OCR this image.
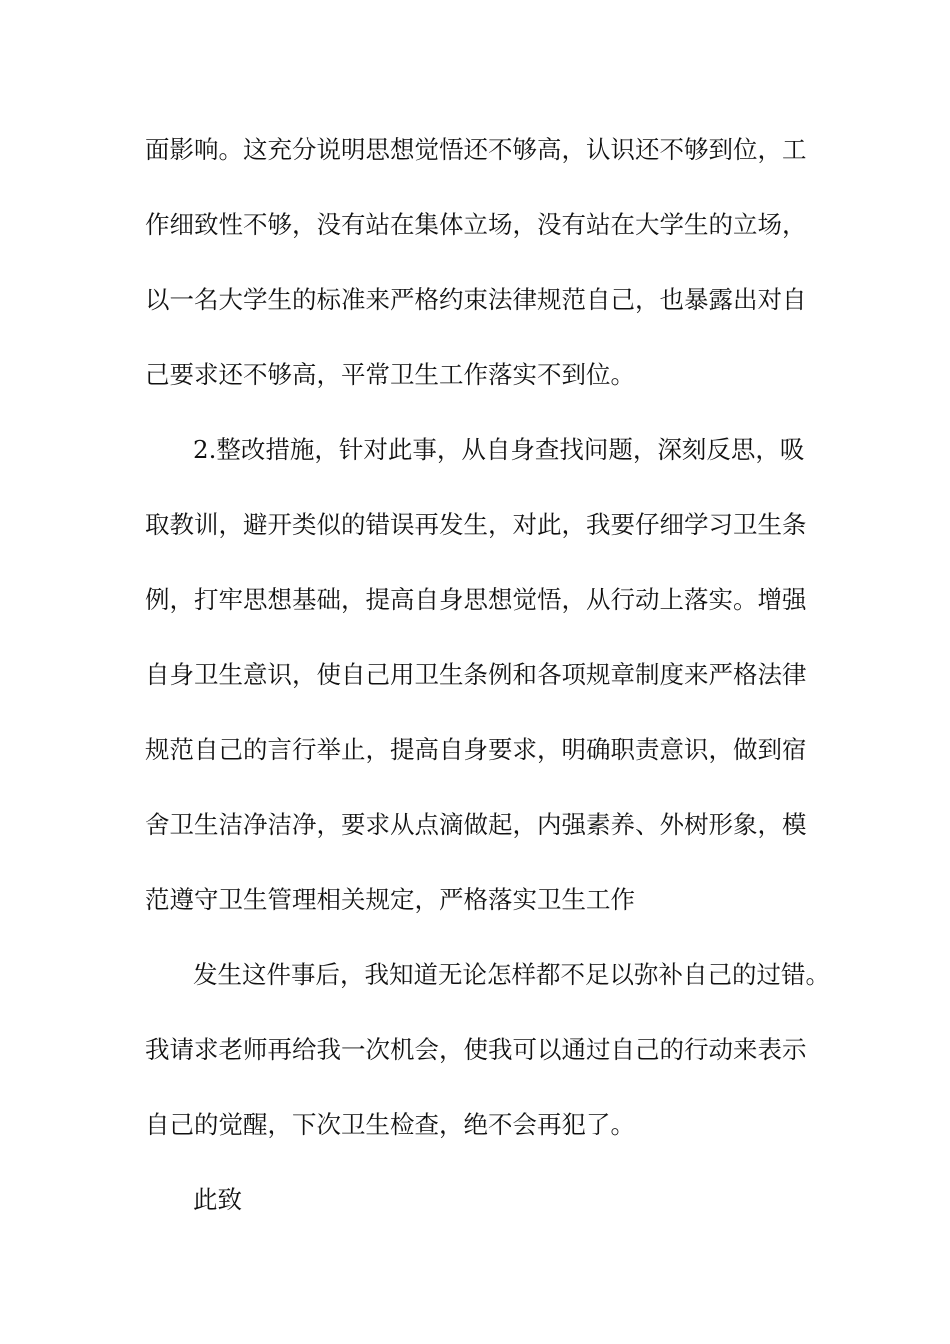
面影响。这充分说明思想觉悟还不够高，认识还不够到位，工
作细致性不够，没有站在集体立场，没有站在大学生的立场，
以一名大学生的标准来严格约束法律规范自己，也暴露出对自
己要求还不够高，平常卫生工作落实不到位。
2.整改措施，针对此事，从自身查找问题，深刻反思，吸
取教训，避开类似的错误再发生，对此，我要仔细学习卫生条
例，打牢思想基础，提高自身思想觉悟，从行动上落实。增强
自身卫生意识，使自己用卫生条例和各项规章制度来严格法律
规范自己的言行举止，提高自身要求，明确职责意识，做到宿
舍卫生洁净洁净，要求从点滴做起，内强素养、外树形象，模
范遵守卫生管理相关规定，严格落实卫生工作
发生这件事后，我知道无论怎样都不足以弥补自己的过错。
我请求老师再给我一次机会，使我可以通过自己的行动来表示
自己的觉醒，下次卫生检查，绝不会再犯了。
此致
